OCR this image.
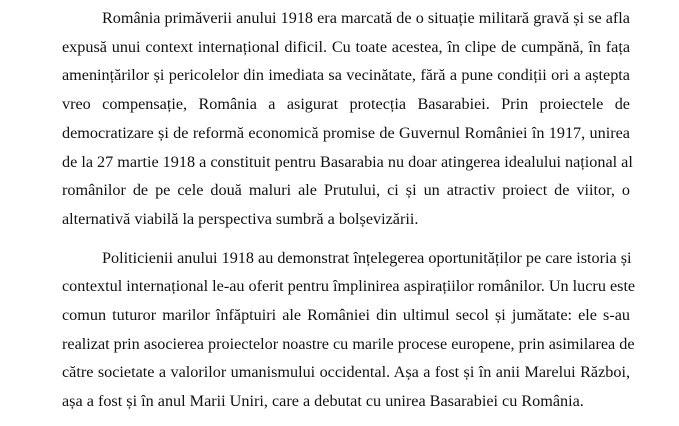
România primăverii anului 1918 era marcată de o situație militară gravă și se afla
expusă unui context internațional dificil. Cu toate acestea, în clipe de cumpănă, în fața
amenințărilor și pericolelor din imediata sa vecinătate, fără a pune condiții ori a aștepta
vreo compensație, România a asigurat protecția Basarabiei. Prin proiectele de
democratizare și de reformă economică promise de Guvernul României în 1917, unirea
de la 27 martie 1918 a constituit pentru Basarabia nu doar atingerea idealului național al
românilor de pe cele două maluri ale Prutului, ci și un atractiv proiect de viitor, o
alternativă viabilă la perspectiva sumbră a bolșevizării.

Politicienii anului 1918 au demonstrat înțelegerea oportunităților pe care istoria și
contextul internațional le-au oferit pentru împlinirea aspirațiilor românilor. Un lucru este
comun tuturor marilor înfăptuiri ale României din ultimul secol și jumătate: ele s-au
realizat prin asocierea proiectelor noastre cu marile procese europene, prin asimilarea de
către societate a valorilor umanismului occidental. Așa a fost și în anii Marelui Război,
așa a fost și în anul Marii Uniri, care a debutat cu unirea Basarabiei cu România.
